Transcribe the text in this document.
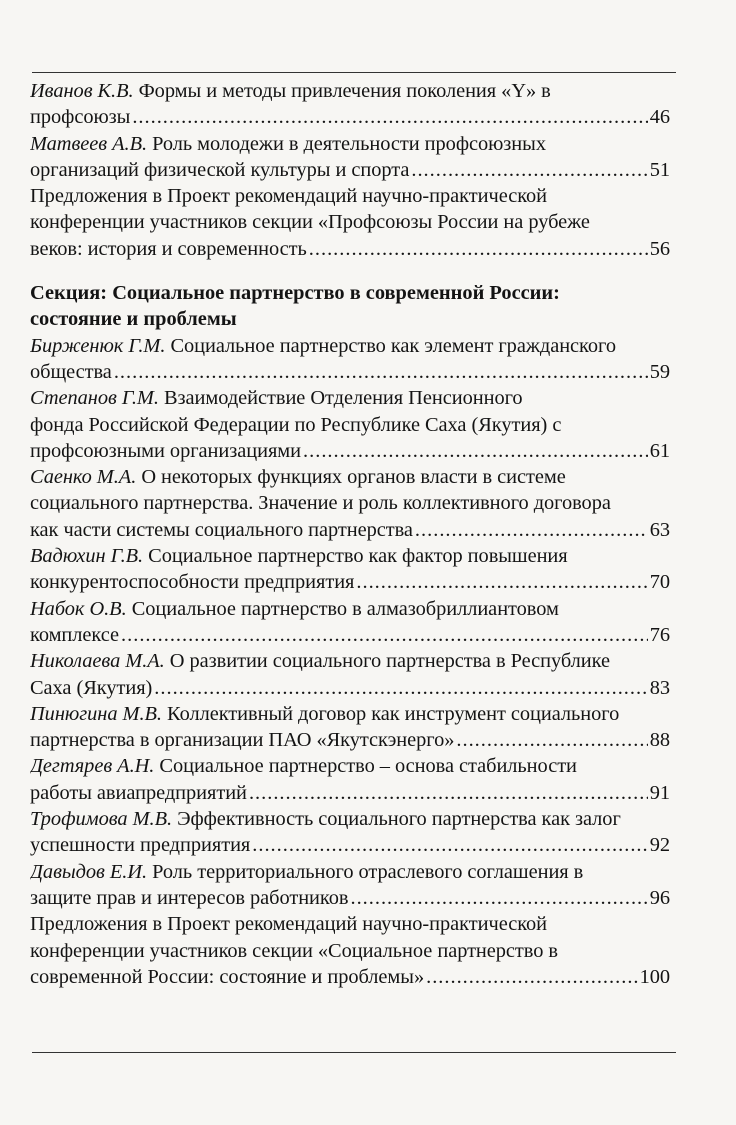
Иванов К.В. Формы и методы привлечения поколения «Y» в
профсоюзы .....	46
Матвеев А.В. Роль молодежи в деятельности профсоюзных
организаций физической культуры и спорта .....	51
Предложения в Проект рекомендаций научно-практической
конференции участников секции «Профсоюзы России на рубеже
веков: история и современность .....	56
Секция: Социальное партнерство в современной России:
состояние и проблемы
Бирженюк Г.М. Социальное партнерство как элемент гражданского
общества .....	59
Степанов Г.М. Взаимодействие Отделения Пенсионного
фонда Российской Федерации по Республике Саха (Якутия) с
профсоюзными организациями .....	61
Саенко М.А. О некоторых функциях органов власти в системе
социального партнерства. Значение и роль коллективного договора
как части системы социального партнерства .....	63
Вадюхин Г.В. Социальное партнерство как фактор повышения
конкурентоспособности предприятия .....	70
Набок О.В. Социальное партнерство в алмазобриллиантовом
комплексе .....	76
Николаева М.А. О развитии социального партнерства в Республике
Саха (Якутия) .....	83
Пинюгина М.В. Коллективный договор как инструмент социального
партнерства в организации ПАО «Якутскэнерго» .....	88
Дегтярев А.Н. Социальное партнерство – основа стабильности
работы авиапредприятий .....	91
Трофимова М.В. Эффективность социального партнерства как залог
успешности предприятия .....	92
Давыдов Е.И. Роль территориального отраслевого соглашения в
защите прав и интересов работников .....	96
Предложения в Проект рекомендаций научно-практической
конференции участников секции «Социальное партнерство в
современной России: состояние и проблемы» .....	100
